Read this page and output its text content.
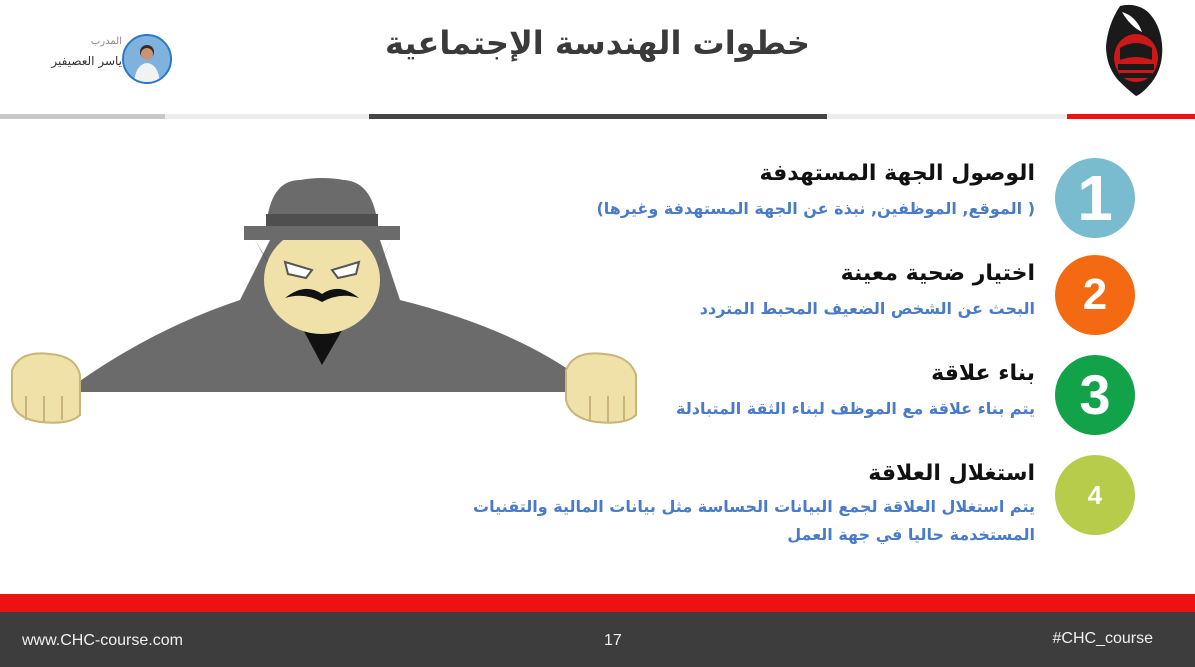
المدرب
ياسر العصيفير	خطوات الهندسة الإجتماعية
1
الوصول الجهة المستهدفة
( الموقع, الموظفين, نبذة عن الجهة المستهدفة وغيرها)
2
اختيار ضحية معينة
البحث عن الشخص الضعيف المحبط المتردد
3
بناء علاقة
يتم بناء علاقة مع الموظف لبناء الثقة المتبادلة
4
استغلال العلاقة
يتم استغلال العلاقة لجمع البيانات الحساسة مثل بيانات المالية والتقنيات المستخدمة حاليا في جهة العمل
www.CHC-course.com	17	#CHC_course
